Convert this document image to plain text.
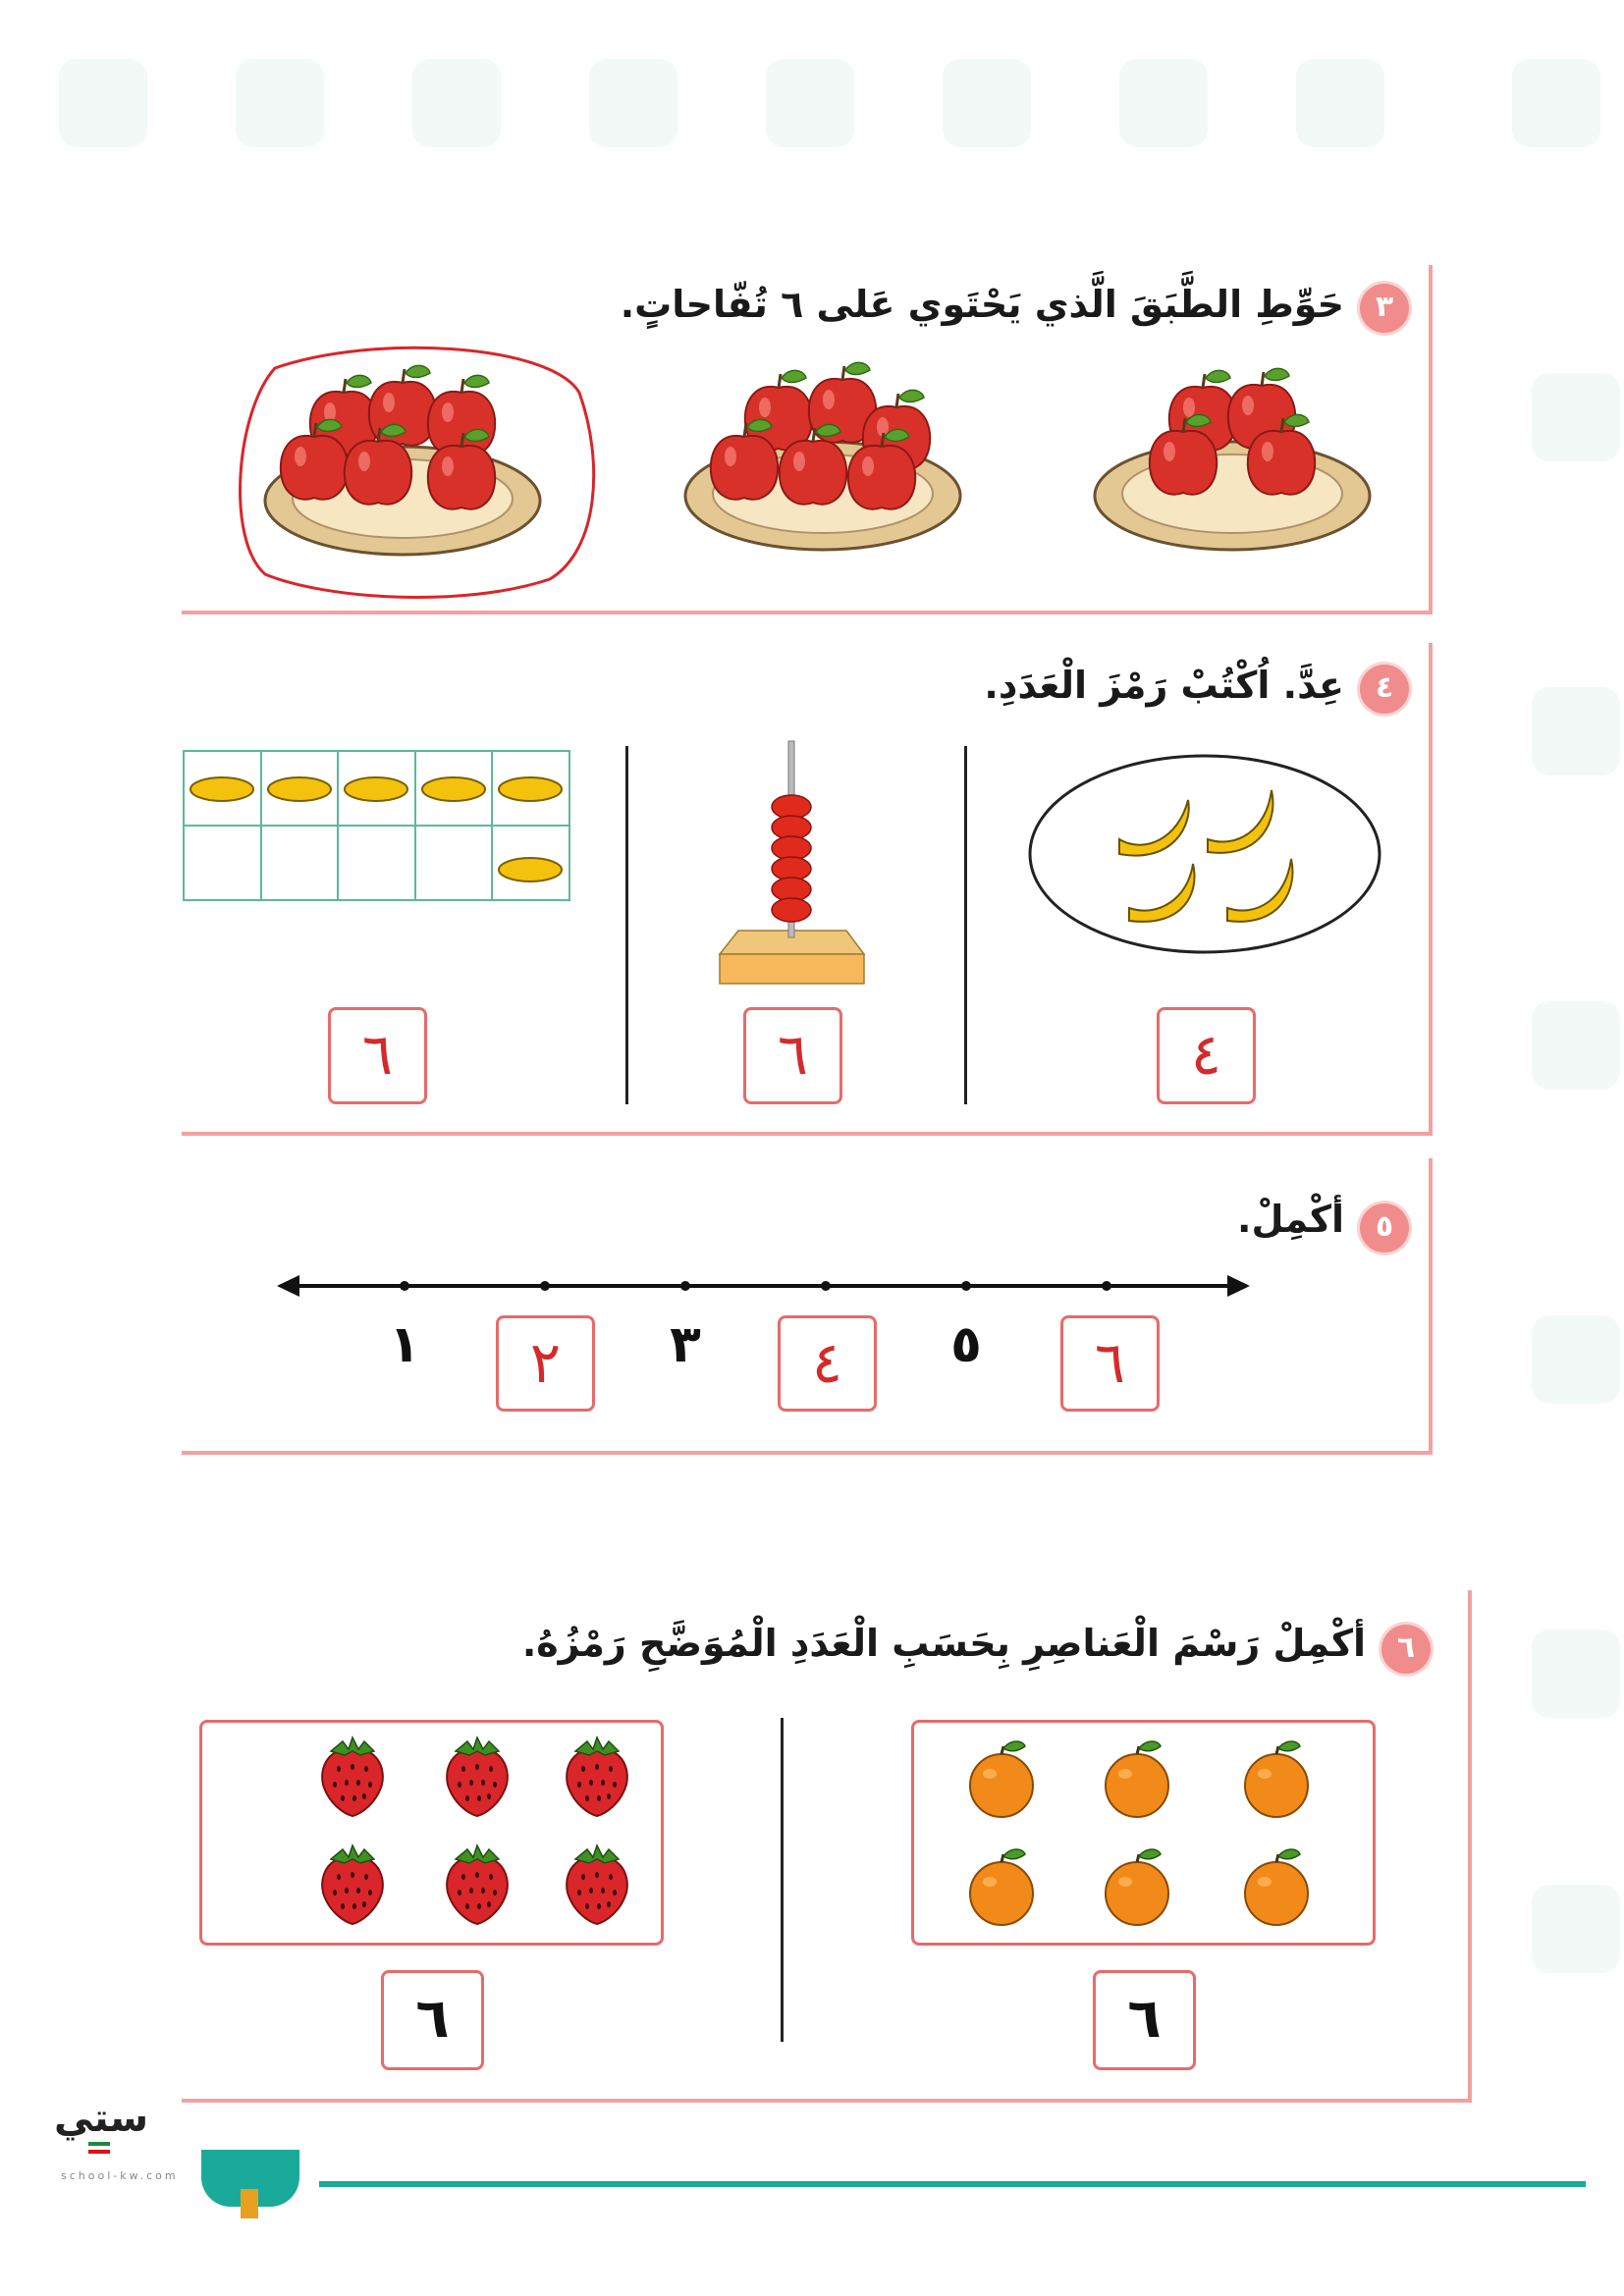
٣
حَوِّطِ الطَّبَقَ الَّذي يَحْتَوي عَلى ٦ تُفّاحاتٍ.
٤
عِدَّ. اُكْتُبْ رَمْزَ الْعَدَدِ.
٦	٦	٤
٥
أكْمِلْ.
١	٢	٣	٤	٥	٦
٦
أكْمِلْ رَسْمَ الْعَناصِرِ بِحَسَبِ الْعَدَدِ الْمُوَضَّحِ رَمْزُهُ.
٦	٦
ستي
school-kw.com
